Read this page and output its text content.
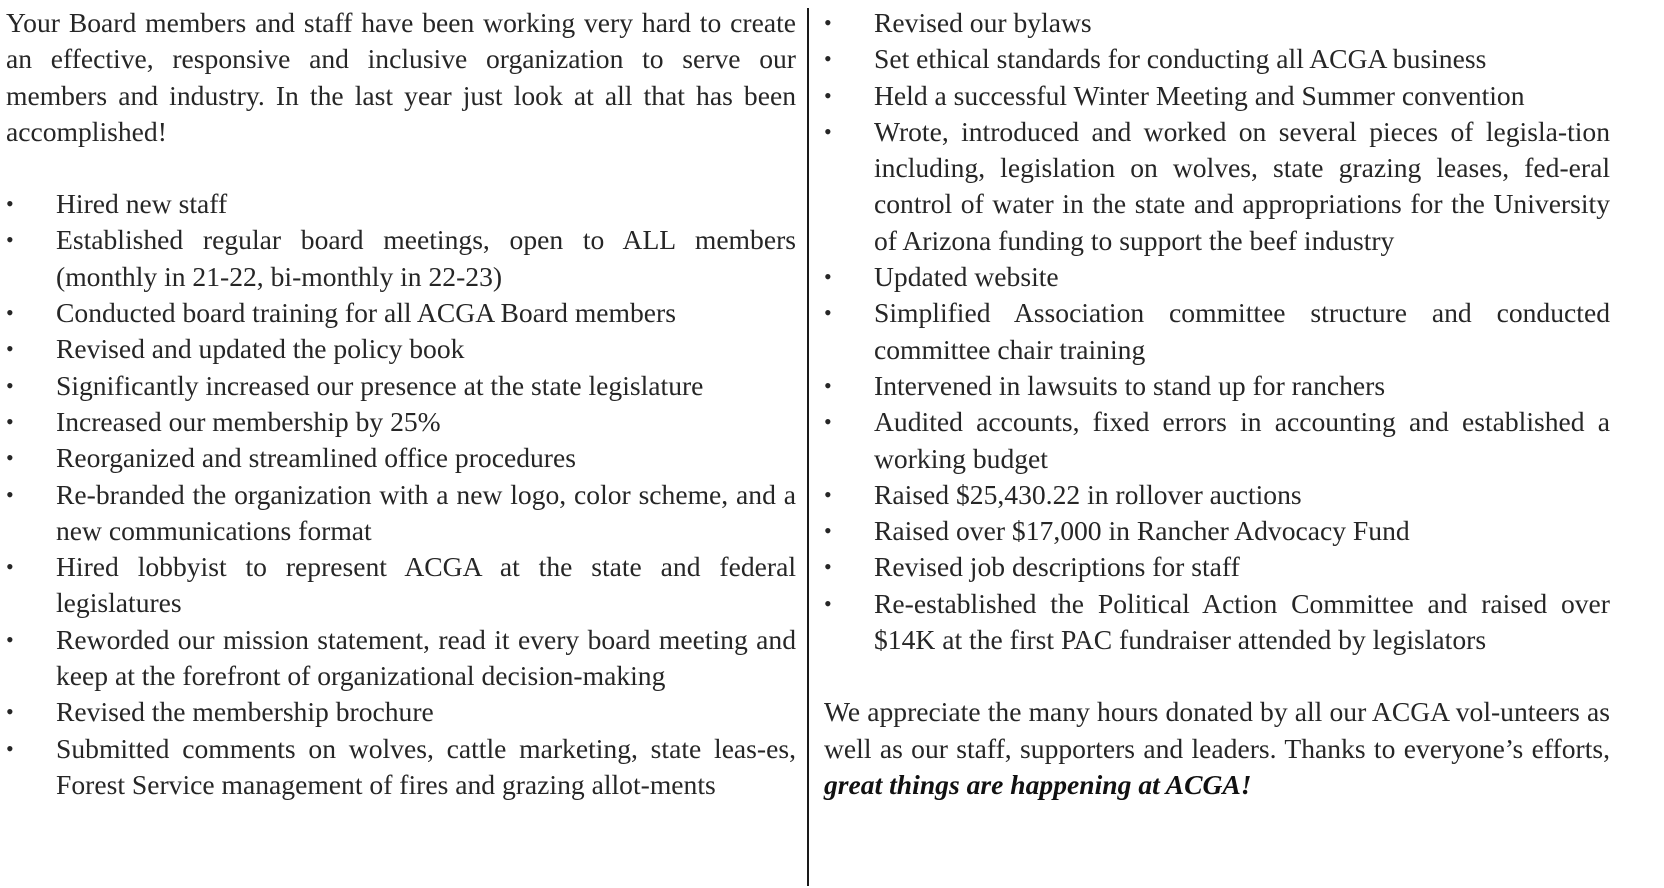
Your Board members and staff have been working very hard to create an effective, responsive and inclusive organization to serve our members and industry. In the last year just look at all that has been accomplished!

• Hired new staff
• Established regular board meetings, open to ALL members (monthly in 21-22, bi-monthly in 22-23)
• Conducted board training for all ACGA Board members
• Revised and updated the policy book
• Significantly increased our presence at the state legislature
• Increased our membership by 25%
• Reorganized and streamlined office procedures
• Re-branded the organization with a new logo, color scheme, and a new communications format
• Hired lobbyist to represent ACGA at the state and federal legislatures
• Reworded our mission statement, read it every board meeting and keep at the forefront of organizational decision-making
• Revised the membership brochure
• Submitted comments on wolves, cattle marketing, state leas-es, Forest Service management of fires and grazing allot-ments
• Revised our bylaws
• Set ethical standards for conducting all ACGA business
• Held a successful Winter Meeting and Summer convention
• Wrote, introduced and worked on several pieces of legisla-tion including, legislation on wolves, state grazing leases, fed-eral control of water in the state and appropriations for the University of Arizona funding to support the beef industry
• Updated website
• Simplified Association committee structure and conducted committee chair training
• Intervened in lawsuits to stand up for ranchers
• Audited accounts, fixed errors in accounting and established a working budget
• Raised $25,430.22 in rollover auctions
• Raised over $17,000 in Rancher Advocacy Fund
• Revised job descriptions for staff
• Re-established the Political Action Committee and raised over $14K at the first PAC fundraiser attended by legislators

We appreciate the many hours donated by all our ACGA vol-unteers as well as our staff, supporters and leaders. Thanks to everyone’s efforts, great things are happening at ACGA!
